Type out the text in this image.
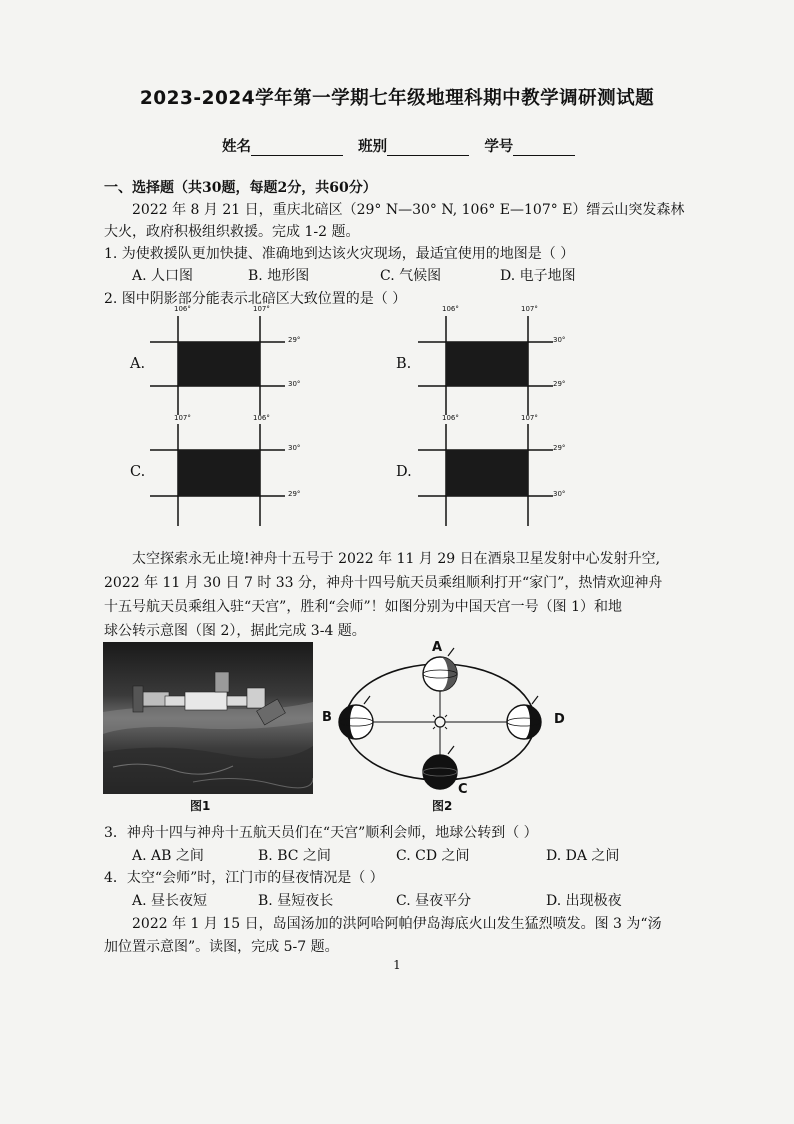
2023-2024学年第一学期七年级地理科期中教学调研测试题
姓名	班别	学号
一、选择题（共30题，每题2分，共60分）
2022 年 8 月 21 日，重庆北碚区（29° N—30° N, 106° E—107° E）缙云山突发森林
大火，政府积极组织救援。完成 1-2 题。
1. 为使救援队更加快捷、准确地到达该火灾现场，最适宜使用的地图是（ ）
A. 人口图	B. 地形图	C. 气候图	D. 电子地图
2. 图中阴影部分能表示北碚区大致位置的是（ ）
A.
106°	107°
29°
30°
B.
106°	107°
30°
29°
C.
107°	106°
30°
29°
D.
106°	107°
29°
30°
太空探索永无止境!神舟十五号于 2022 年 11 月 29 日在酒泉卫星发射中心发射升空,
2022 年 11 月 30 日 7 时 33 分，神舟十四号航天员乘组顺利打开“家门”，热情欢迎神舟
十五号航天员乘组入驻“天宫”，胜利“会师”！如图分别为中国天宫一号（图 1）和地
球公转示意图（图 2），据此完成 3-4 题。
图1
A
B
C
D
图2
3．神舟十四与神舟十五航天员们在“天宫”顺利会师，地球公转到（ ）
A. AB 之间	B. BC 之间	C. CD 之间	D. DA 之间
4．太空“会师”时，江门市的昼夜情况是（ ）
A. 昼长夜短	B. 昼短夜长	C. 昼夜平分	D. 出现极夜
2022 年 1 月 15 日，岛国汤加的洪阿哈阿帕伊岛海底火山发生猛烈喷发。图 3 为“汤
加位置示意图”。读图，完成 5-7 题。
1
